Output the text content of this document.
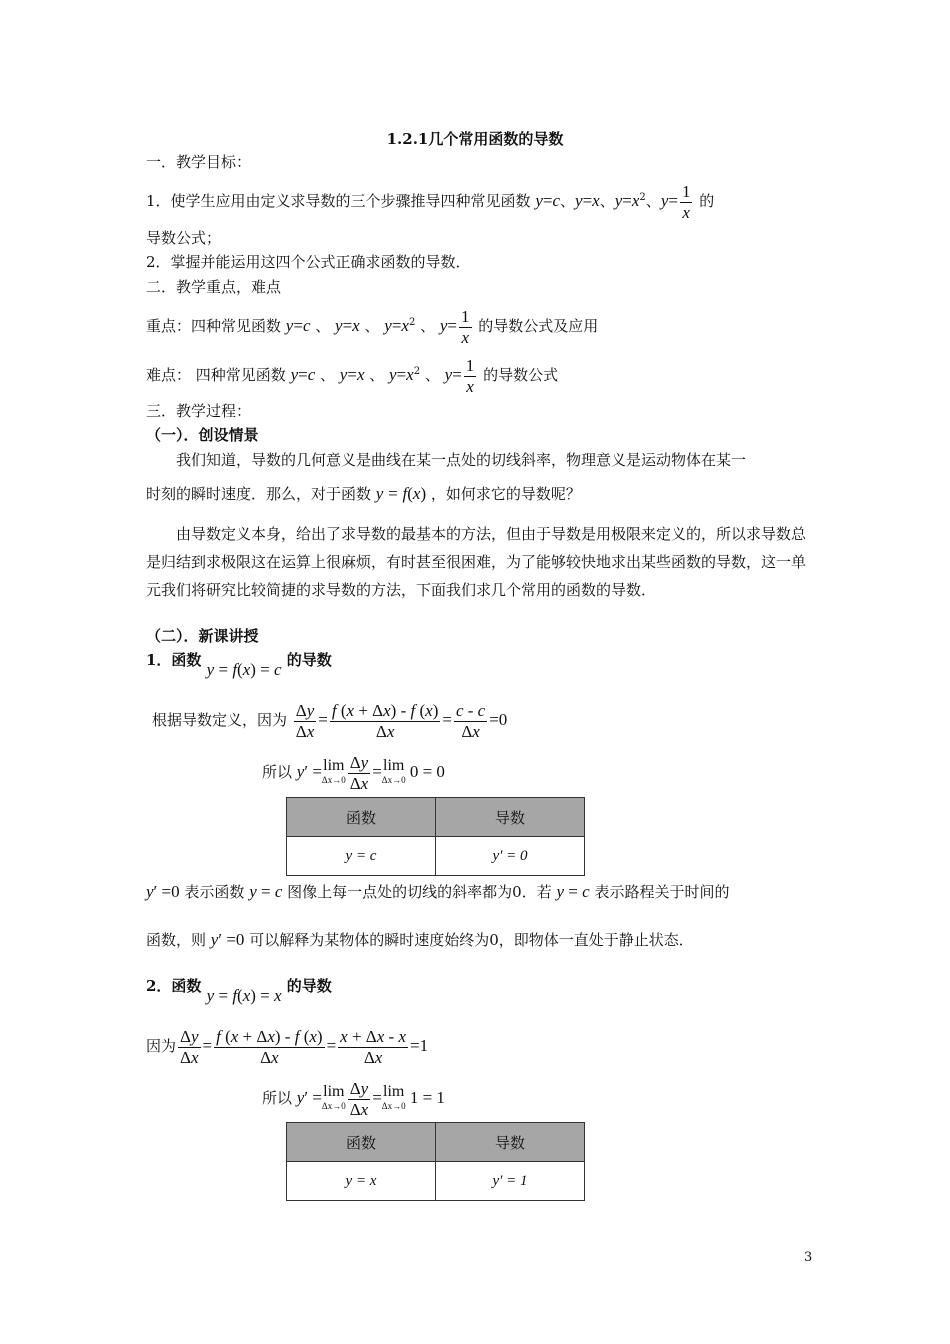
1.2.1几个常用函数的导数
一．教学目标：
1．使学生应用由定义求导数的三个步骤推导四种常见函数 y=c、y=x、$y=x^2$、$y= \frac{1}{x}$ 的
导数公式；
2．掌握并能运用这四个公式正确求函数的导数．
二．教学重点，难点
重点：四种常见函数 y=c 、 y=x 、 $y=x^2$ 、 $y= \frac{1}{x}$ 的导数公式及应用
难点： 四种常见函数 y=c 、 y=x 、 $y=x^2$ 、 $y= \frac{1}{x}$ 的导数公式
三．教学过程：
（一）．创设情景
我们知道，导数的几何意义是曲线在某一点处的切线斜率，物理意义是运动物体在某一
时刻的瞬时速度．那么，对于函数 y = f(x) ，如何求它的导数呢？
由导数定义本身，给出了求导数的最基本的方法，但由于导数是用极限来定义的，所以求导数总是归结到求极限这在运算上很麻烦，有时甚至很困难，为了能够较快地求出某些函数的导数，这一单元我们将研究比较简捷的求导数的方法，下面我们求几个常用的函数的导数．
（二）．新课讲授
1．函数 y = f(x) = c 的导数
根据导数定义，因为 $\frac{\Delta y}{\Delta x} = \frac{f (x + \Delta x) - f (x)}{\Delta x} = \frac{c - c}{\Delta x} =0$
所以 y′ = lim
$\Delta x\to 0 \frac{\Delta y}{\Delta x} = \lim$
Δx→0 0 = 0
函数	导数
y = c	y′ = 0
y′ =0 表示函数 y = c 图像上每一点处的切线的斜率都为0．若 y = c 表示路程关于时间的
函数，则 y′ =0 可以解释为某物体的瞬时速度始终为0，即物体一直处于静止状态．
2．函数 y = f(x) = x 的导数
因为 $\frac{\Delta y}{\Delta x} = \frac{f (x + \Delta x) - f (x)}{\Delta x} = \frac{x + \Delta x - x}{\Delta x} =1$
所以 y′ = lim
$\Delta x\to 0 \frac{\Delta y}{\Delta x} = \lim$
Δx→0 1 = 1
函数	导数
y = x	y′ = 1
3
